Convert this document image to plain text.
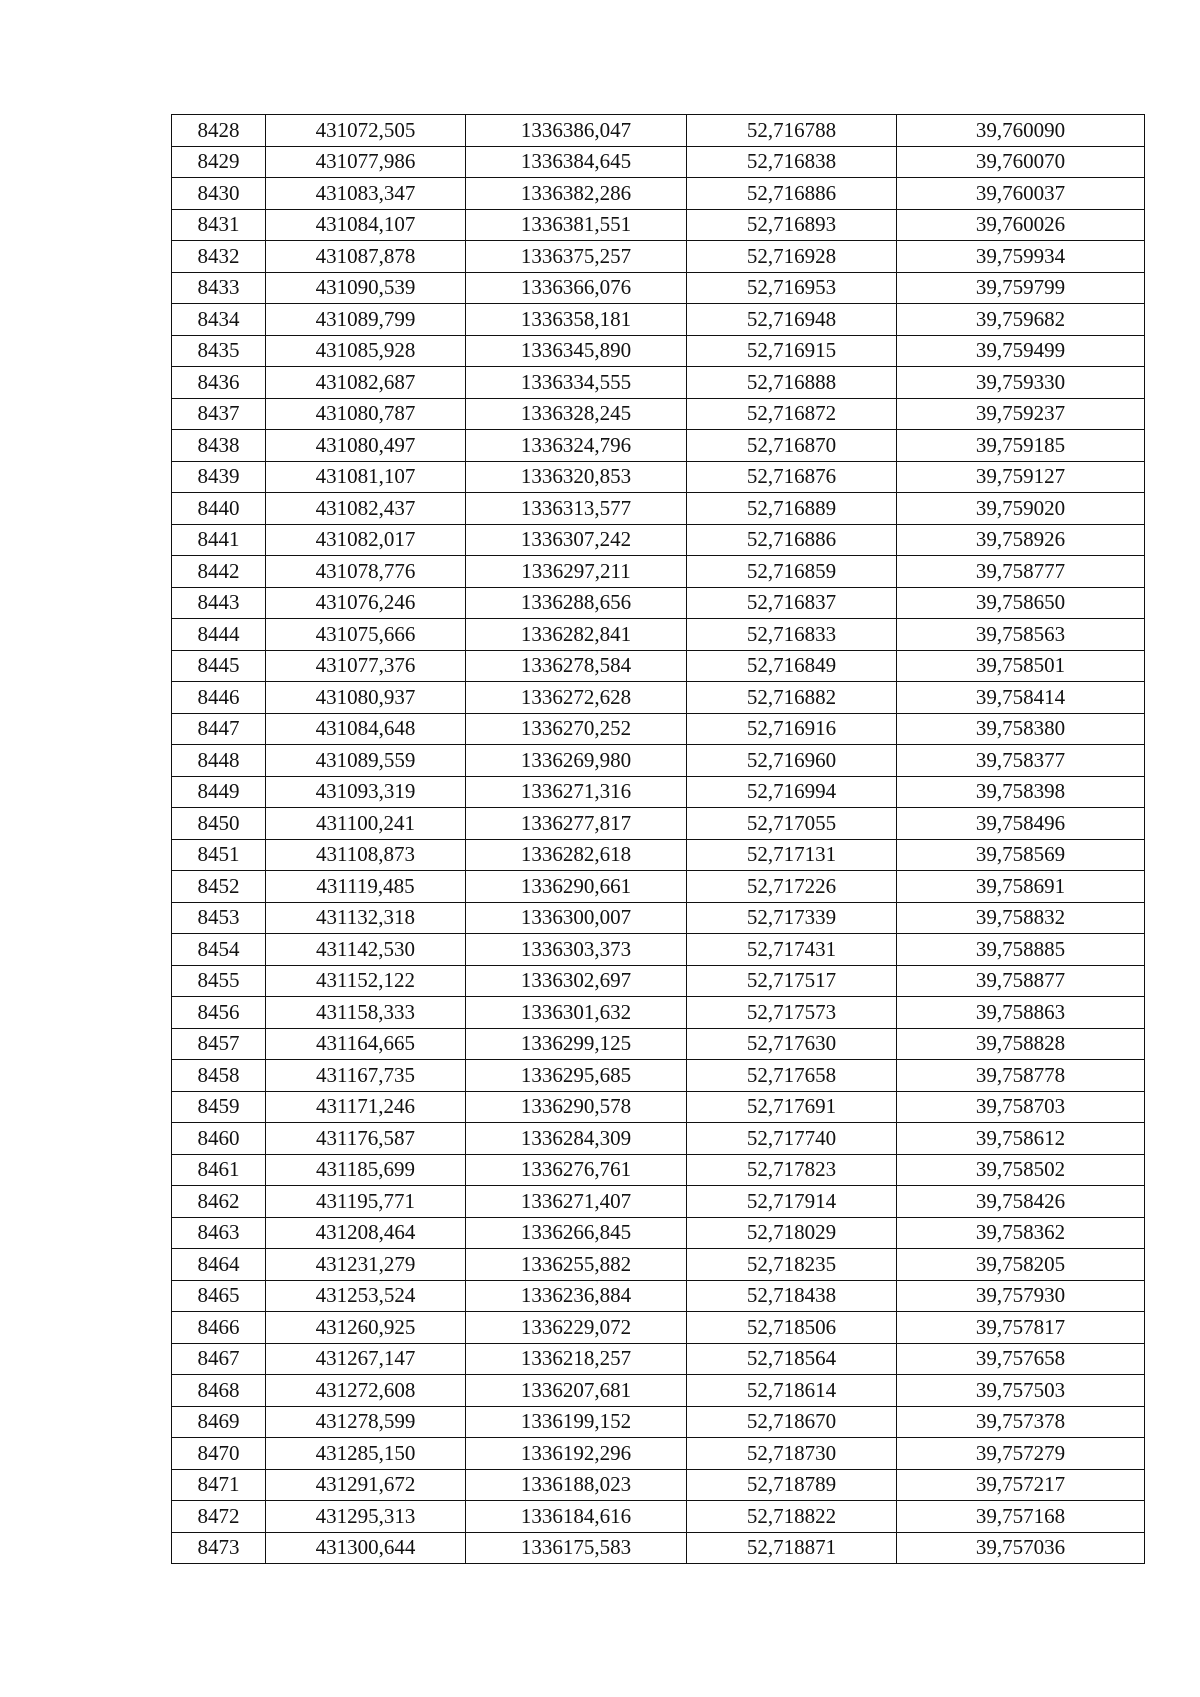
8428	431072,505	1336386,047	52,716788	39,760090
8429	431077,986	1336384,645	52,716838	39,760070
8430	431083,347	1336382,286	52,716886	39,760037
8431	431084,107	1336381,551	52,716893	39,760026
8432	431087,878	1336375,257	52,716928	39,759934
8433	431090,539	1336366,076	52,716953	39,759799
8434	431089,799	1336358,181	52,716948	39,759682
8435	431085,928	1336345,890	52,716915	39,759499
8436	431082,687	1336334,555	52,716888	39,759330
8437	431080,787	1336328,245	52,716872	39,759237
8438	431080,497	1336324,796	52,716870	39,759185
8439	431081,107	1336320,853	52,716876	39,759127
8440	431082,437	1336313,577	52,716889	39,759020
8441	431082,017	1336307,242	52,716886	39,758926
8442	431078,776	1336297,211	52,716859	39,758777
8443	431076,246	1336288,656	52,716837	39,758650
8444	431075,666	1336282,841	52,716833	39,758563
8445	431077,376	1336278,584	52,716849	39,758501
8446	431080,937	1336272,628	52,716882	39,758414
8447	431084,648	1336270,252	52,716916	39,758380
8448	431089,559	1336269,980	52,716960	39,758377
8449	431093,319	1336271,316	52,716994	39,758398
8450	431100,241	1336277,817	52,717055	39,758496
8451	431108,873	1336282,618	52,717131	39,758569
8452	431119,485	1336290,661	52,717226	39,758691
8453	431132,318	1336300,007	52,717339	39,758832
8454	431142,530	1336303,373	52,717431	39,758885
8455	431152,122	1336302,697	52,717517	39,758877
8456	431158,333	1336301,632	52,717573	39,758863
8457	431164,665	1336299,125	52,717630	39,758828
8458	431167,735	1336295,685	52,717658	39,758778
8459	431171,246	1336290,578	52,717691	39,758703
8460	431176,587	1336284,309	52,717740	39,758612
8461	431185,699	1336276,761	52,717823	39,758502
8462	431195,771	1336271,407	52,717914	39,758426
8463	431208,464	1336266,845	52,718029	39,758362
8464	431231,279	1336255,882	52,718235	39,758205
8465	431253,524	1336236,884	52,718438	39,757930
8466	431260,925	1336229,072	52,718506	39,757817
8467	431267,147	1336218,257	52,718564	39,757658
8468	431272,608	1336207,681	52,718614	39,757503
8469	431278,599	1336199,152	52,718670	39,757378
8470	431285,150	1336192,296	52,718730	39,757279
8471	431291,672	1336188,023	52,718789	39,757217
8472	431295,313	1336184,616	52,718822	39,757168
8473	431300,644	1336175,583	52,718871	39,757036
